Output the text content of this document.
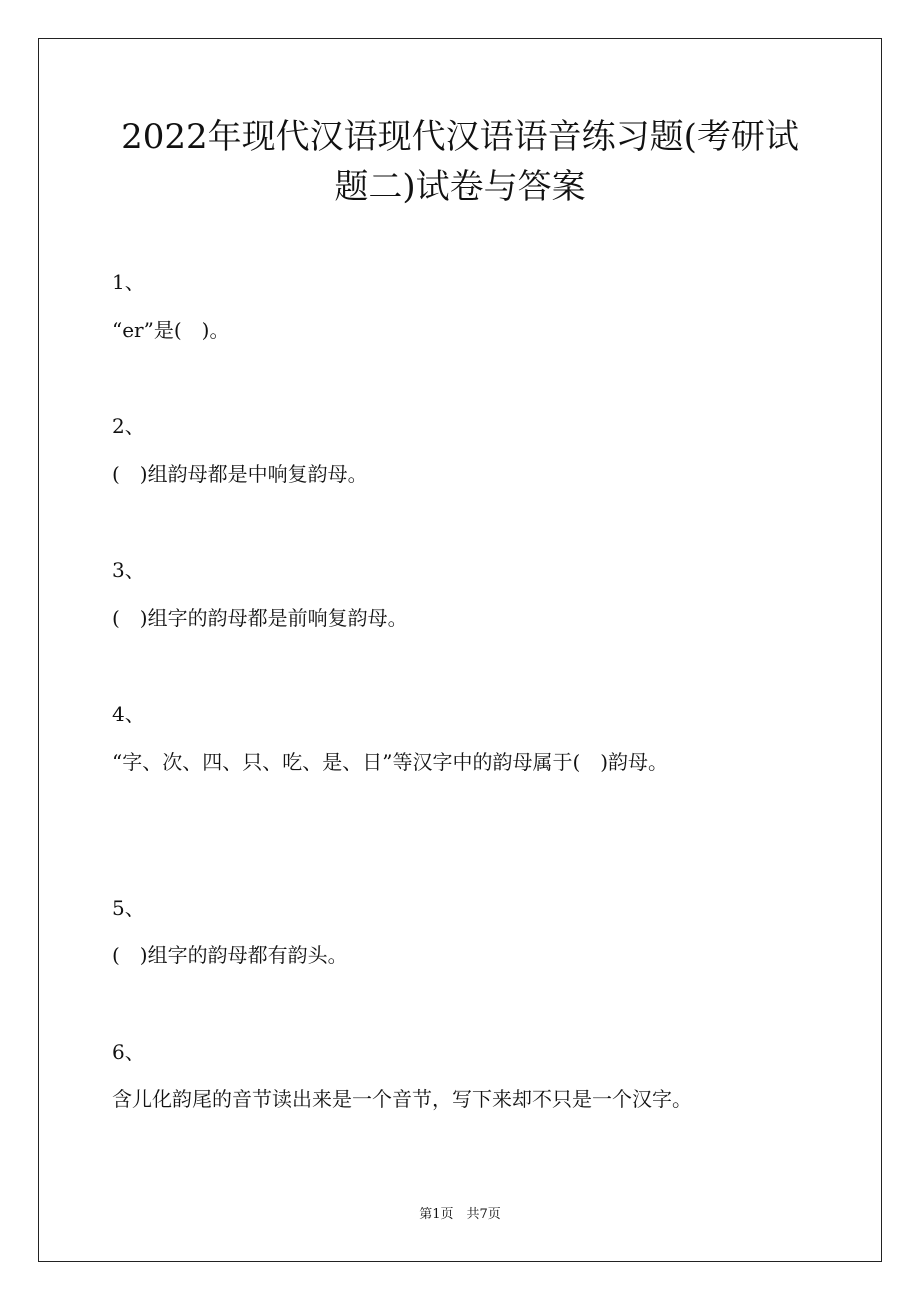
2022年现代汉语现代汉语语音练习题(考研试
题二)试卷与答案

1、

“er”是(　)。

2、

(　)组韵母都是中响复韵母。

3、

(　)组字的韵母都是前响复韵母。

4、

“字、次、四、只、吃、是、日”等汉字中的韵母属于(　)韵母。

5、

(　)组字的韵母都有韵头。

6、

含儿化韵尾的音节读出来是一个音节，写下来却不只是一个汉字。

第1页　共7页
